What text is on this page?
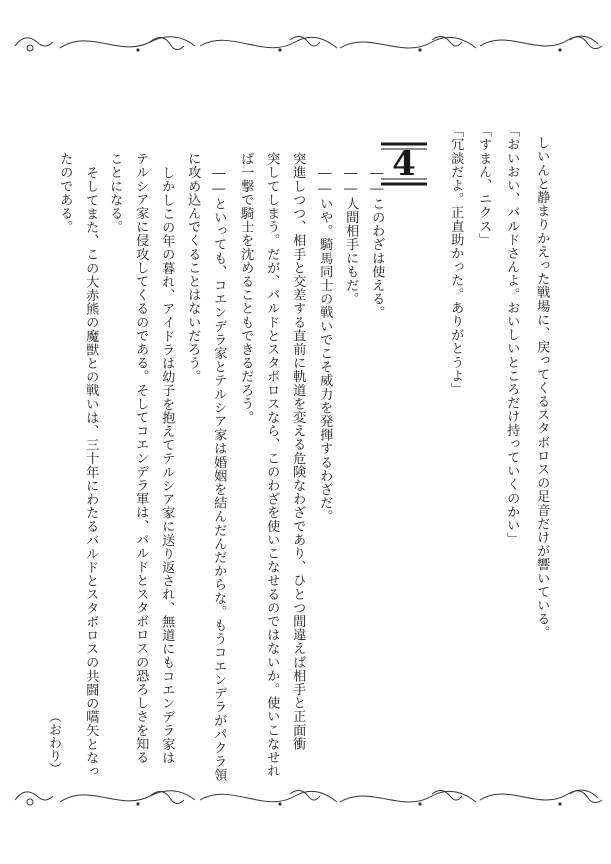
しいんと静まりかえった戦場に、戻ってくるスタボロスの足音だけが響いている。
「おいおい、バルドさんよ。おいしいところだけ持っていくのかい」
「すまん、ニクス」
「冗談だよ。正直助かった。ありがとうよ」
4
――このわざは使える。
――人間相手にもだ。
――いや。騎馬同士の戦いでこそ威力を発揮するわざだ。
突進しつつ、相手と交差する直前に軌道を変える危険なわざであり、ひとつ間違えば相手と正面衝
突してしまう。だが、バルドとスタボロスなら、このわざを使いこなせるのではないか。使いこなせれ
ば一撃で騎士を沈めることもできるだろう。
――といっても、コエンデラ家とテルシア家は婚姻を結んだんだからな。もうコエンデラがパクラ領
に攻め込んでくることはないだろう。
しかしこの年の暮れ、アイドラは幼子を抱えてテルシア家に送り返され、無道にもコエンデラ家は
テルシア家に侵攻してくるのである。そしてコエンデラ軍は、バルドとスタボロスの恐ろしさを知る
ことになる。
そしてまた、この大赤熊の魔獣との戦いは、三十年にわたるバルドとスタボロスの共闘の嚆矢となっ
たのである。
（おわり）
